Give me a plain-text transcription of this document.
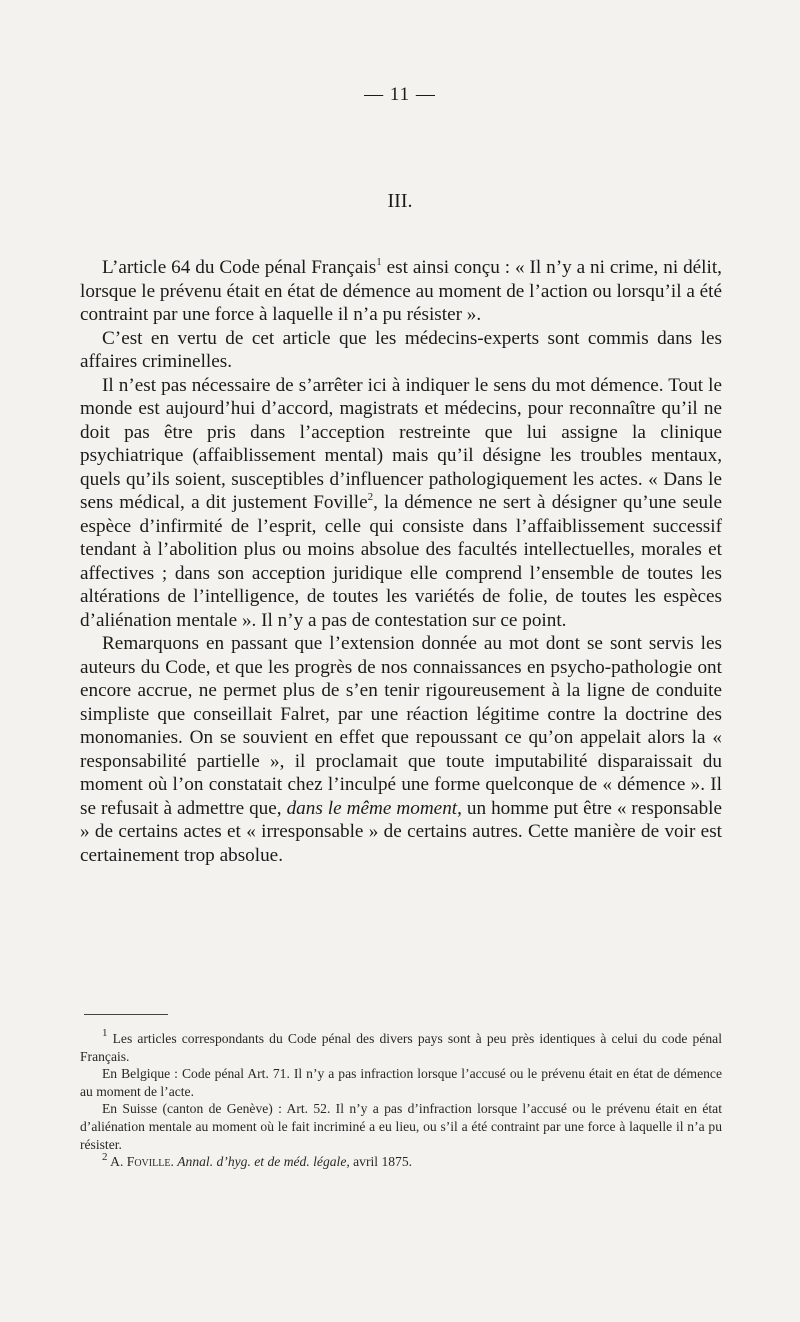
— 11 —
III.

L’article 64 du Code pénal Français$^1$ est ainsi conçu : « Il n’y a ni crime, ni délit, lorsque le prévenu était en état de démence au moment de l’action ou lorsqu’il a été contraint par une force à laquelle il n’a pu résister ».

C’est en vertu de cet article que les médecins-experts sont commis dans les affaires criminelles.

Il n’est pas nécessaire de s’arrêter ici à indiquer le sens du mot démence. Tout le monde est aujourd’hui d’accord, magistrats et médecins, pour reconnaître qu’il ne doit pas être pris dans l’acception restreinte que lui assigne la clinique psychiatrique (affaiblissement mental) mais qu’il désigne les troubles mentaux, quels qu’ils soient, susceptibles d’influencer pathologiquement les actes. « Dans le sens médical, a dit justement Foville$^2$, la démence ne sert à désigner qu’une seule espèce d’infirmité de l’esprit, celle qui consiste dans l’affaiblissement successif tendant à l’abolition plus ou moins absolue des facultés intellectuelles, morales et affectives ; dans son acception juridique elle comprend l’ensemble de toutes les altérations de l’intelligence, de toutes les variétés de folie, de toutes les espèces d’aliénation mentale ». Il n’y a pas de contestation sur ce point.

Remarquons en passant que l’extension donnée au mot dont se sont servis les auteurs du Code, et que les progrès de nos connaissances en psycho-pathologie ont encore accrue, ne permet plus de s’en tenir rigoureusement à la ligne de conduite simpliste que conseillait Falret, par une réaction légitime contre la doctrine des monomanies. On se souvient en effet que repoussant ce qu’on appelait alors la « responsabilité partielle », il proclamait que toute imputabilité disparaissait du moment où l’on constatait chez l’inculpé une forme quelconque de « démence ». Il se refusait à admettre que, dans le même moment, un homme put être « responsable » de certains actes et « irresponsable » de certains autres. Cette manière de voir est certainement trop absolue.

$^1$ Les articles correspondants du Code pénal des divers pays sont à peu près identiques à celui du code pénal Français.

En Belgique : Code pénal Art. 71. Il n’y a pas infraction lorsque l’accusé ou le prévenu était en état de démence au moment de l’acte.

En Suisse (canton de Genève) : Art. 52. Il n’y a pas d’infraction lorsque l’accusé ou le prévenu était en état d’aliénation mentale au moment où le fait incriminé a eu lieu, ou s’il a été contraint par une force à laquelle il n’a pu résister.

$^2$ A. Foville. Annal. d’hyg. et de méd. légale, avril 1875.
